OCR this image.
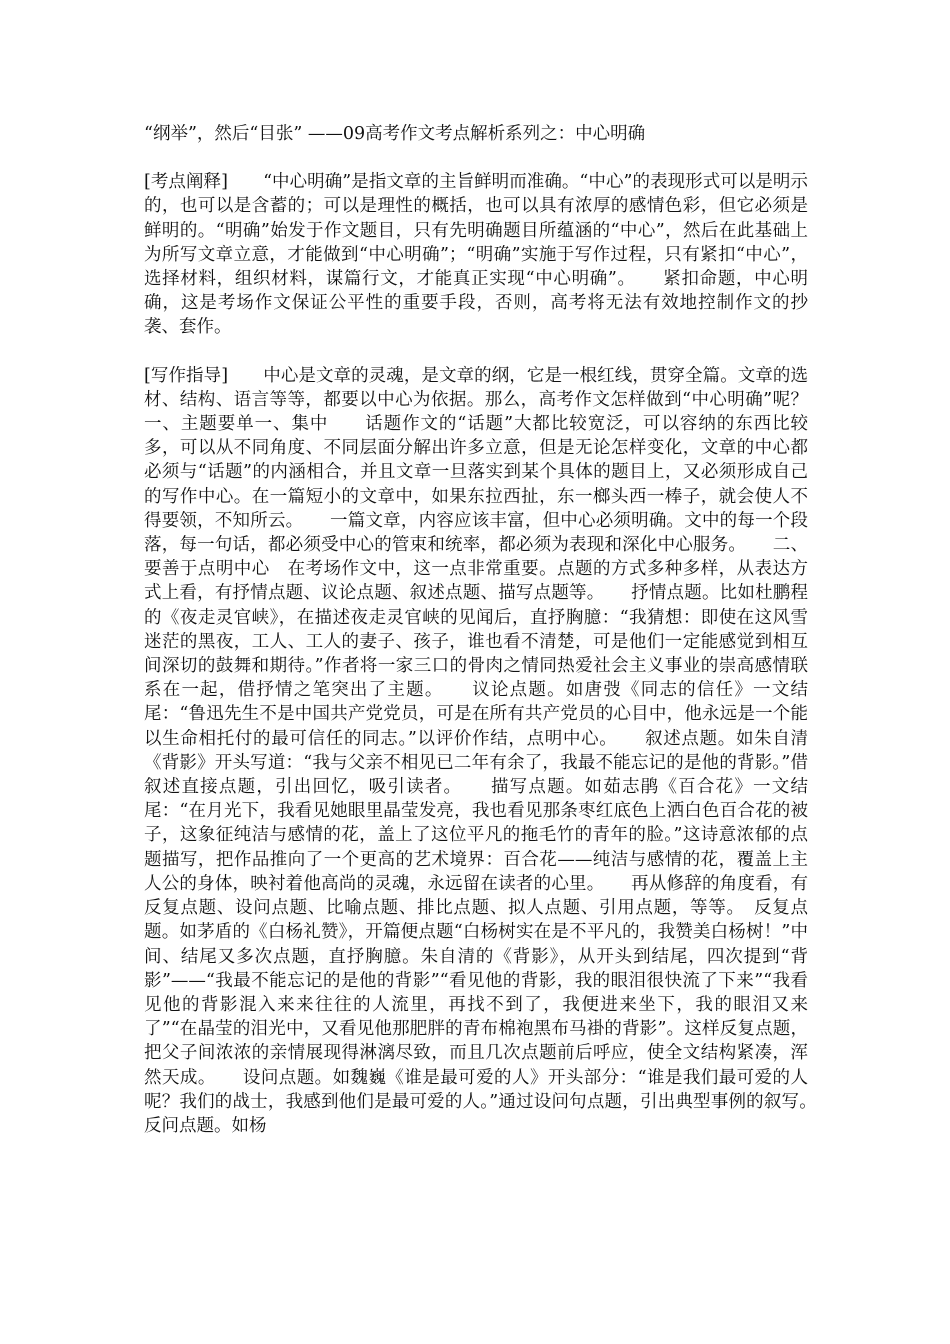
“纲举”，然后“目张” ——09高考作文考点解析系列之：中心明确

[考点阐释]　　“中心明确”是指文章的主旨鲜明而准确。“中心”的表现形式可以是明示的，也可以是含蓄的；可以是理性的概括，也可以具有浓厚的感情色彩，但它必须是鲜明的。“明确”始发于作文题目，只有先明确题目所蕴涵的“中心”，然后在此基础上为所写文章立意，才能做到“中心明确”；“明确”实施于写作过程，只有紧扣“中心”，选择材料，组织材料，谋篇行文，才能真正实现“中心明确”。　　紧扣命题，中心明确，这是考场作文保证公平性的重要手段，否则，高考将无法有效地控制作文的抄袭、套作。

[写作指导]　　中心是文章的灵魂，是文章的纲，它是一根红线，贯穿全篇。文章的选材、结构、语言等等，都要以中心为依据。那么，高考作文怎样做到“中心明确”呢？一、主题要单一、集中　　话题作文的“话题”大都比较宽泛，可以容纳的东西比较多，可以从不同角度、不同层面分解出许多立意，但是无论怎样变化，文章的中心都必须与“话题”的内涵相合，并且文章一旦落实到某个具体的题目上，又必须形成自己的写作中心。在一篇短小的文章中，如果东拉西扯，东一榔头西一棒子，就会使人不得要领，不知所云。　　一篇文章，内容应该丰富，但中心必须明确。文中的每一个段落，每一句话，都必须受中心的管束和统率，都必须为表现和深化中心服务。　　二、要善于点明中心　在考场作文中，这一点非常重要。点题的方式多种多样，从表达方式上看，有抒情点题、议论点题、叙述点题、描写点题等。　　抒情点题。比如杜鹏程的《夜走灵官峡》，在描述夜走灵官峡的见闻后，直抒胸臆：“我猜想：即使在这风雪迷茫的黑夜，工人、工人的妻子、孩子，谁也看不清楚，可是他们一定能感觉到相互间深切的鼓舞和期待。”作者将一家三口的骨肉之情同热爱社会主义事业的崇高感情联系在一起，借抒情之笔突出了主题。　　议论点题。如唐弢《同志的信任》一文结尾：“鲁迅先生不是中国共产党党员，可是在所有共产党员的心目中，他永远是一个能以生命相托付的最可信任的同志。”以评价作结，点明中心。　　叙述点题。如朱自清《背影》开头写道：“我与父亲不相见已二年有余了，我最不能忘记的是他的背影。”借叙述直接点题，引出回忆，吸引读者。　　描写点题。如茹志鹃《百合花》一文结尾：“在月光下，我看见她眼里晶莹发亮，我也看见那条枣红底色上洒白色百合花的被子，这象征纯洁与感情的花，盖上了这位平凡的拖毛竹的青年的脸。”这诗意浓郁的点题描写，把作品推向了一个更高的艺术境界：百合花——纯洁与感情的花，覆盖上主人公的身体，映衬着他高尚的灵魂，永远留在读者的心里。　　再从修辞的角度看，有反复点题、设问点题、比喻点题、排比点题、拟人点题、引用点题，等等。　反复点题。如茅盾的《白杨礼赞》，开篇便点题“白杨树实在是不平凡的，我赞美白杨树！”中间、结尾又多次点题，直抒胸臆。朱自清的《背影》，从开头到结尾，四次提到“背影”——“我最不能忘记的是他的背影”“看见他的背影，我的眼泪很快流了下来”“我看见他的背影混入来来往往的人流里，再找不到了，我便进来坐下，我的眼泪又来了”“在晶莹的泪光中，又看见他那肥胖的青布棉袍黑布马褂的背影”。这样反复点题，把父子间浓浓的亲情展现得淋漓尽致，而且几次点题前后呼应，使全文结构紧凑，浑然天成。　　设问点题。如魏巍《谁是最可爱的人》开头部分：“谁是我们最可爱的人呢？我们的战士，我感到他们是最可爱的人。”通过设问句点题，引出典型事例的叙写。　　反问点题。如杨
